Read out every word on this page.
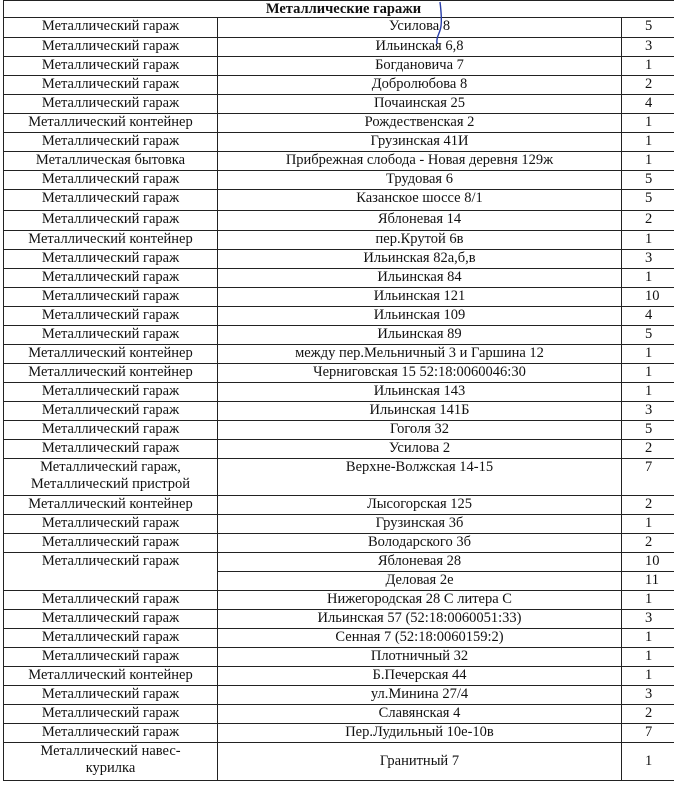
Металлические гаражи		
Металлический гараж	Усилова 8	5
Металлический гараж	Ильинская 6,8	3
Металлический гараж	Богдановича 7	1
Металлический гараж	Добролюбова 8	2
Металлический гараж	Почаинская 25	4
Металлический контейнер	Рождественская 2	1
Металлический гараж	Грузинская 41И	1
Металлическая бытовка	Прибрежная слобода - Новая деревня 129ж	1
Металлический гараж	Трудовая 6	5
Металлический гараж	Казанское шоссе 8/1	5
Металлический гараж	Яблоневая 14	2
Металлический контейнер	пер.Крутой 6в	1
Металлический гараж	Ильинская 82а,б,в	3
Металлический гараж	Ильинская 84	1
Металлический гараж	Ильинская 121	10
Металлический гараж	Ильинская 109	4
Металлический гараж	Ильинская 89	5
Металлический контейнер	между пер.Мельничный 3 и Гаршина 12	1
Металлический контейнер	Черниговская 15 52:18:0060046:30	1
Металлический гараж	Ильинская 143	1
Металлический гараж	Ильинская 141Б	3
Металлический гараж	Гоголя 32	5
Металлический гараж	Усилова 2	2
Металлический гараж,
Металлический пристрой	Верхне-Волжская 14-15	7
Металлический контейнер	Лысогорская 125	2
Металлический гараж	Грузинская 3б	1
Металлический гараж	Володарского 3б	2
Металлический гараж	Яблоневая 28	10
	Деловая 2е	11
Металлический гараж	Нижегородская 28 С литера С	1
Металлический гараж	Ильинская 57 (52:18:0060051:33)	3
Металлический гараж	Сенная 7 (52:18:0060159:2)	1
Металлический гараж	Плотничный 32	1
Металлический контейнер	Б.Печерская 44	1
Металлический гараж	ул.Минина 27/4	3
Металлический гараж	Славянская 4	2
Металлический гараж	Пер.Лудильный 10е-10в	7
Металлический навес-
курилка	Гранитный 7	1
